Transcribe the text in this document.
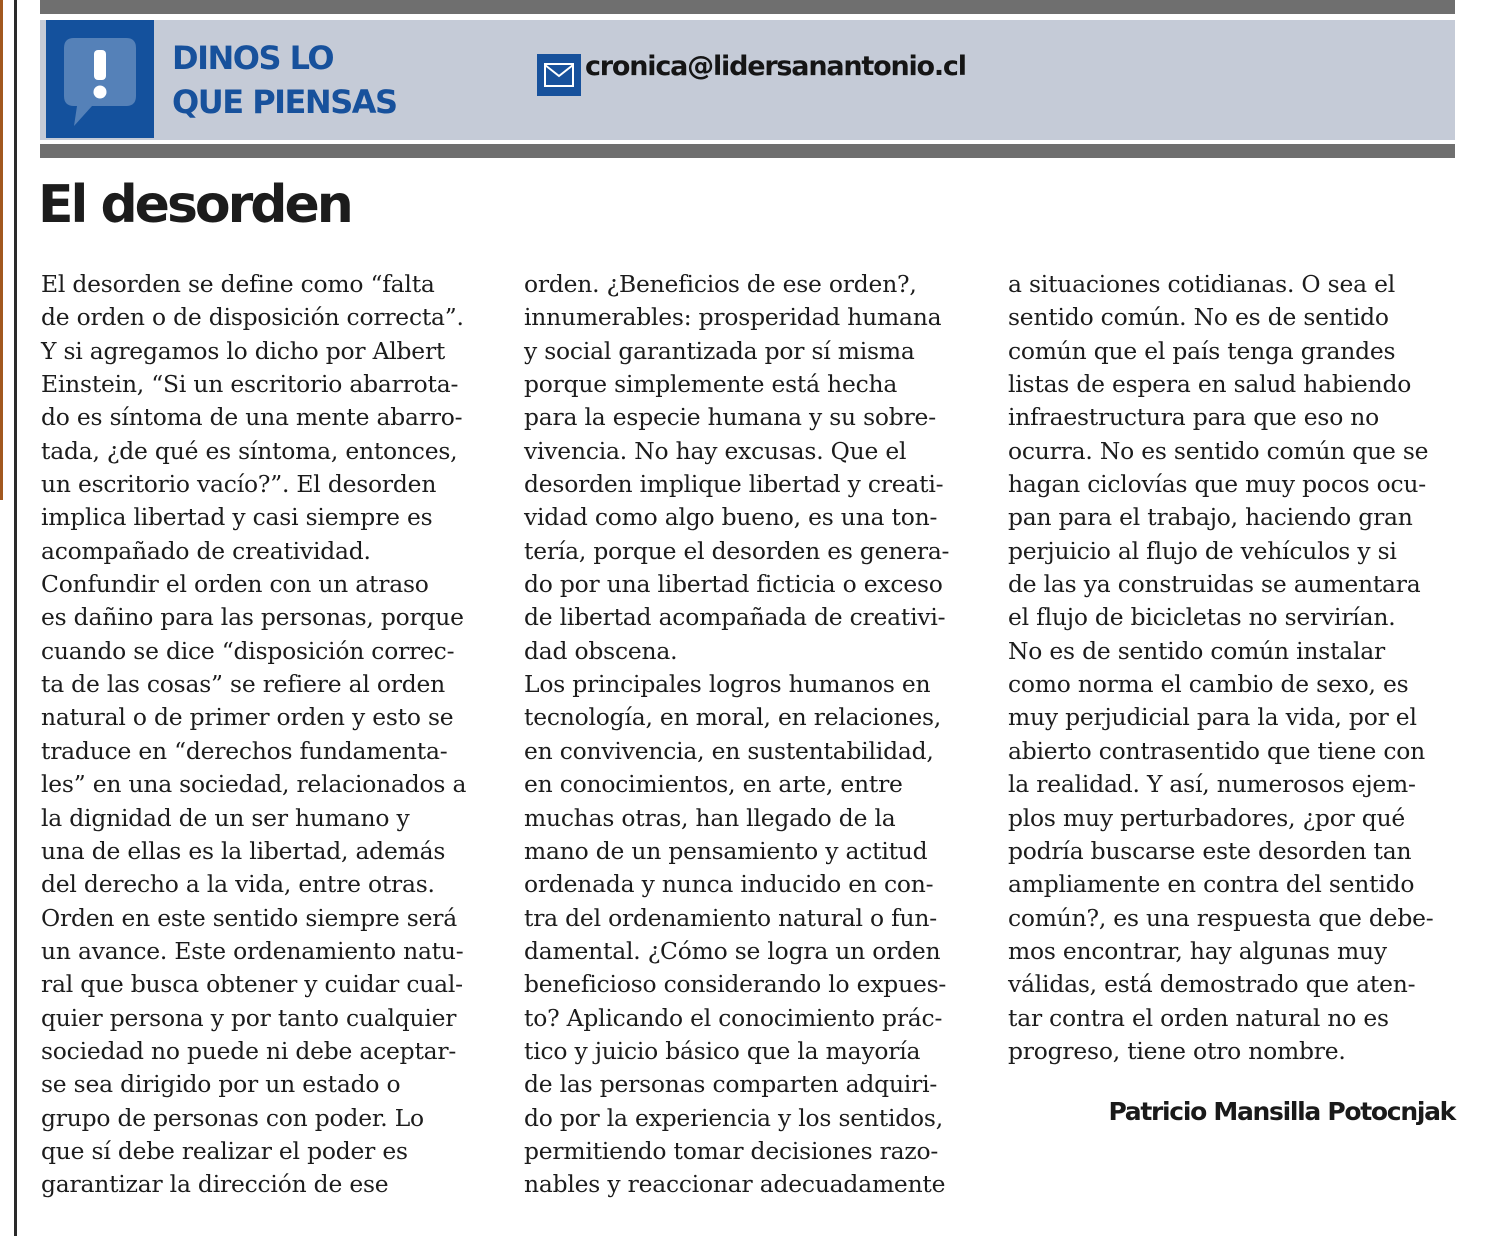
DINOS LO
QUE PIENSAS
cronica@lidersanantonio.cl
El desorden
El desorden se define como “falta
de orden o de disposición correcta”.
Y si agregamos lo dicho por Albert
Einstein, “Si un escritorio abarrota-
do es síntoma de una mente abarro-
tada, ¿de qué es síntoma, entonces,
un escritorio vacío?”. El desorden
implica libertad y casi siempre es
acompañado de creatividad.
Confundir el orden con un atraso
es dañino para las personas, porque
cuando se dice “disposición correc-
ta de las cosas” se refiere al orden
natural o de primer orden y esto se
traduce en “derechos fundamenta-
les” en una sociedad, relacionados a
la dignidad de un ser humano y
una de ellas es la libertad, además
del derecho a la vida, entre otras.
Orden en este sentido siempre será
un avance. Este ordenamiento natu-
ral que busca obtener y cuidar cual-
quier persona y por tanto cualquier
sociedad no puede ni debe aceptar-
se sea dirigido por un estado o
grupo de personas con poder. Lo
que sí debe realizar el poder es
garantizar la dirección de ese
orden. ¿Beneficios de ese orden?,
innumerables: prosperidad humana
y social garantizada por sí misma
porque simplemente está hecha
para la especie humana y su sobre-
vivencia. No hay excusas. Que el
desorden implique libertad y creati-
vidad como algo bueno, es una ton-
tería, porque el desorden es genera-
do por una libertad ficticia o exceso
de libertad acompañada de creativi-
dad obscena.
Los principales logros humanos en
tecnología, en moral, en relaciones,
en convivencia, en sustentabilidad,
en conocimientos, en arte, entre
muchas otras, han llegado de la
mano de un pensamiento y actitud
ordenada y nunca inducido en con-
tra del ordenamiento natural o fun-
damental. ¿Cómo se logra un orden
beneficioso considerando lo expues-
to? Aplicando el conocimiento prác-
tico y juicio básico que la mayoría
de las personas comparten adquiri-
do por la experiencia y los sentidos,
permitiendo tomar decisiones razo-
nables y reaccionar adecuadamente
a situaciones cotidianas. O sea el
sentido común. No es de sentido
común que el país tenga grandes
listas de espera en salud habiendo
infraestructura para que eso no
ocurra. No es sentido común que se
hagan ciclovías que muy pocos ocu-
pan para el trabajo, haciendo gran
perjuicio al flujo de vehículos y si
de las ya construidas se aumentara
el flujo de bicicletas no servirían.
No es de sentido común instalar
como norma el cambio de sexo, es
muy perjudicial para la vida, por el
abierto contrasentido que tiene con
la realidad. Y así, numerosos ejem-
plos muy perturbadores, ¿por qué
podría buscarse este desorden tan
ampliamente en contra del sentido
común?, es una respuesta que debe-
mos encontrar, hay algunas muy
válidas, está demostrado que aten-
tar contra el orden natural no es
progreso, tiene otro nombre.
Patricio Mansilla Potocnjak
